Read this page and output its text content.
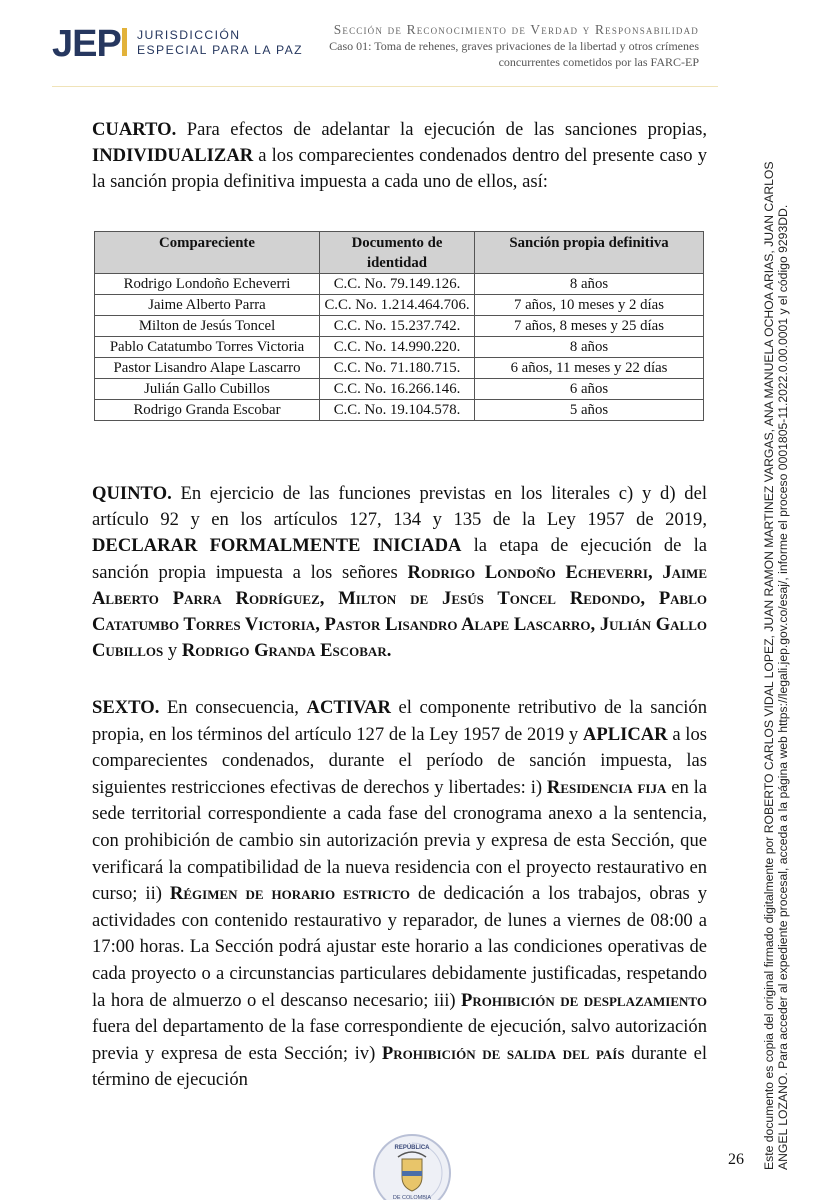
JEP JURISDICCIÓN
ESPECIAL PARA LA PAZ
Sección de Reconocimiento de Verdad y Responsabilidad
Caso 01: Toma de rehenes, graves privaciones de la libertad y otros crímenes
concurrentes cometidos por las FARC-EP
CUARTO. Para efectos de adelantar la ejecución de las sanciones propias, INDIVIDUALIZAR a los comparecientes condenados dentro del presente caso y la sanción propia definitiva impuesta a cada uno de ellos, así:
Compareciente	Documento de identidad	Sanción propia definitiva
Rodrigo Londoño Echeverri	C.C. No. 79.149.126.	8 años
Jaime Alberto Parra	C.C. No. 1.214.464.706.	7 años, 10 meses y 2 días
Milton de Jesús Toncel	C.C. No. 15.237.742.	7 años, 8 meses y 25 días
Pablo Catatumbo Torres Victoria	C.C. No. 14.990.220.	8 años
Pastor Lisandro Alape Lascarro	C.C. No. 71.180.715.	6 años, 11 meses y 22 días
Julián Gallo Cubillos	C.C. No. 16.266.146.	6 años
Rodrigo Granda Escobar	C.C. No. 19.104.578.	5 años
QUINTO. En ejercicio de las funciones previstas en los literales c) y d) del artículo 92 y en los artículos 127, 134 y 135 de la Ley 1957 de 2019, DECLARAR FORMALMENTE INICIADA la etapa de ejecución de la sanción propia impuesta a los señores Rodrigo Londoño Echeverri, Jaime Alberto Parra Rodríguez, Milton de Jesús Toncel Redondo, Pablo Catatumbo Torres Victoria, Pastor Lisandro Alape Lascarro, Julián Gallo Cubillos y Rodrigo Granda Escobar.
SEXTO. En consecuencia, ACTIVAR el componente retributivo de la sanción propia, en los términos del artículo 127 de la Ley 1957 de 2019 y APLICAR a los comparecientes condenados, durante el período de sanción impuesta, las siguientes restricciones efectivas de derechos y libertades: i) Residencia fija en la sede territorial correspondiente a cada fase del cronograma anexo a la sentencia, con prohibición de cambio sin autorización previa y expresa de esta Sección, que verificará la compatibilidad de la nueva residencia con el proyecto restaurativo en curso; ii) Régimen de horario estricto de dedicación a los trabajos, obras y actividades con contenido restaurativo y reparador, de lunes a viernes de 08:00 a 17:00 horas. La Sección podrá ajustar este horario a las condiciones operativas de cada proyecto o a circunstancias particulares debidamente justificadas, respetando la hora de almuerzo o el descanso necesario; iii) Prohibición de desplazamiento fuera del departamento de la fase correspondiente de ejecución, salvo autorización previa y expresa de esta Sección; iv) Prohibición de salida del país durante el término de ejecución
REPÚBLICA
DE COLOMBIA
26 Este documento es copia del original firmado digitalmente por ROBERTO CARLOS VIDAL LOPEZ, JUAN RAMON MARTINEZ VARGAS, ANA MANUELA OCHOA ARIAS, JUAN CARLOS ANGEL LOZANO. Para acceder al expediente procesal, acceda a la página web https://legali.jep.gov.co/esaj/, informe el proceso 0001805-11.2022.0.00.0001 y el código 9293DD.
